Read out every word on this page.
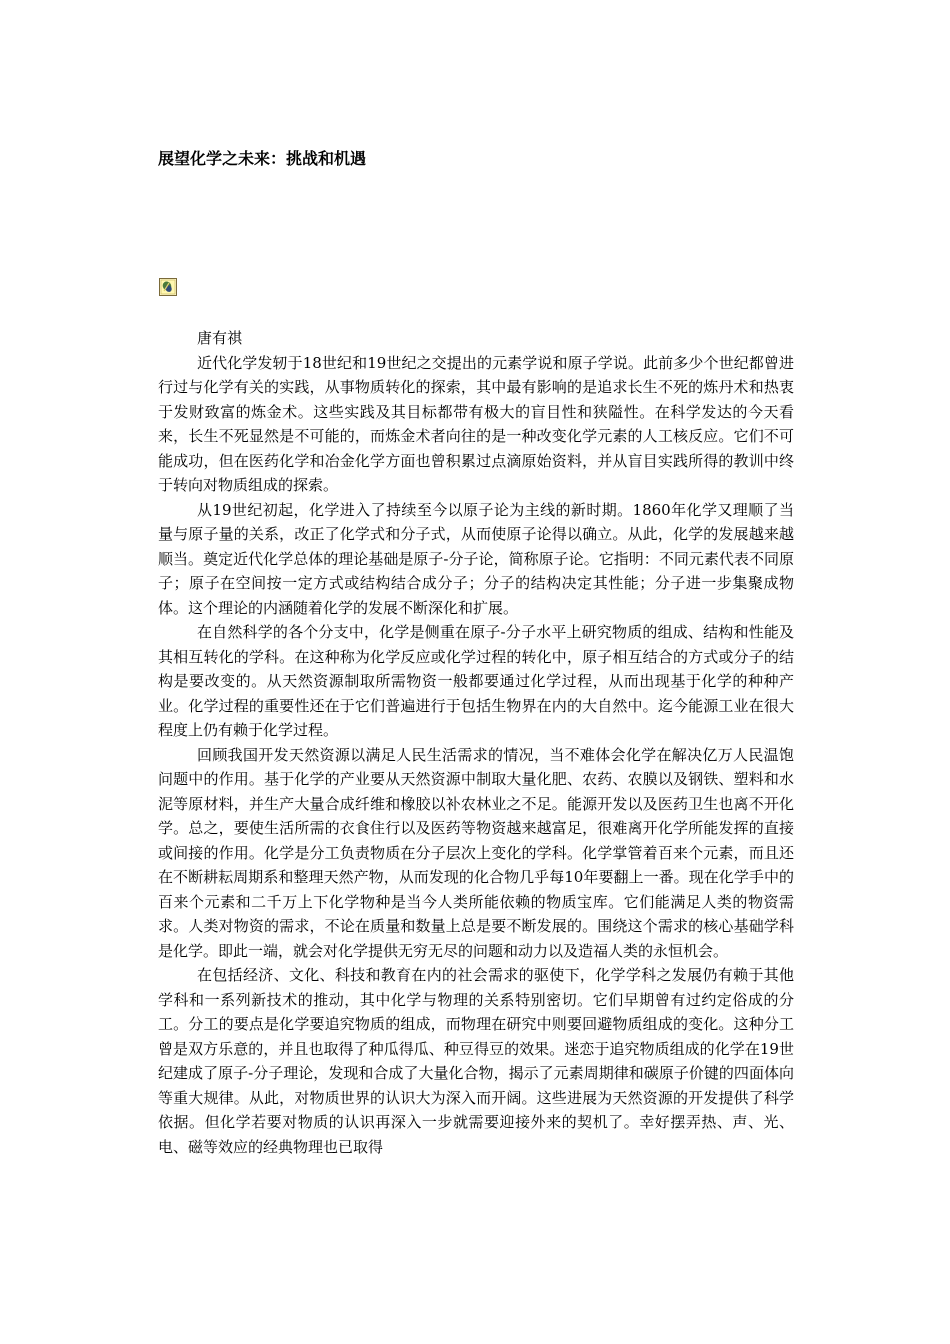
展望化学之未来：挑战和机遇

唐有祺

近代化学发轫于18世纪和19世纪之交提出的元素学说和原子学说。此前多少个世纪都曾进行过与化学有关的实践，从事物质转化的探索，其中最有影响的是追求长生不死的炼丹术和热衷于发财致富的炼金术。这些实践及其目标都带有极大的盲目性和狭隘性。在科学发达的今天看来，长生不死显然是不可能的，而炼金术者向往的是一种改变化学元素的人工核反应。它们不可能成功，但在医药化学和冶金化学方面也曾积累过点滴原始资料，并从盲目实践所得的教训中终于转向对物质组成的探索。

从19世纪初起，化学进入了持续至今以原子论为主线的新时期。1860年化学又理顺了当量与原子量的关系，改正了化学式和分子式，从而使原子论得以确立。从此，化学的发展越来越顺当。奠定近代化学总体的理论基础是原子-分子论，简称原子论。它指明：不同元素代表不同原子；原子在空间按一定方式或结构结合成分子；分子的结构决定其性能；分子进一步集聚成物体。这个理论的内涵随着化学的发展不断深化和扩展。

在自然科学的各个分支中，化学是侧重在原子-分子水平上研究物质的组成、结构和性能及其相互转化的学科。在这种称为化学反应或化学过程的转化中，原子相互结合的方式或分子的结构是要改变的。从天然资源制取所需物资一般都要通过化学过程，从而出现基于化学的种种产业。化学过程的重要性还在于它们普遍进行于包括生物界在内的大自然中。迄今能源工业在很大程度上仍有赖于化学过程。

回顾我国开发天然资源以满足人民生活需求的情况，当不难体会化学在解决亿万人民温饱问题中的作用。基于化学的产业要从天然资源中制取大量化肥、农药、农膜以及钢铁、塑料和水泥等原材料，并生产大量合成纤维和橡胶以补农林业之不足。能源开发以及医药卫生也离不开化学。总之，要使生活所需的衣食住行以及医药等物资越来越富足，很难离开化学所能发挥的直接或间接的作用。化学是分工负责物质在分子层次上变化的学科。化学掌管着百来个元素，而且还在不断耕耘周期系和整理天然产物，从而发现的化合物几乎每10年要翻上一番。现在化学手中的百来个元素和二千万上下化学物种是当今人类所能依赖的物质宝库。它们能满足人类的物资需求。人类对物资的需求，不论在质量和数量上总是要不断发展的。围绕这个需求的核心基础学科是化学。即此一端，就会对化学提供无穷无尽的问题和动力以及造福人类的永恒机会。

在包括经济、文化、科技和教育在内的社会需求的驱使下，化学学科之发展仍有赖于其他学科和一系列新技术的推动，其中化学与物理的关系特别密切。它们早期曾有过约定俗成的分工。分工的要点是化学要追究物质的组成，而物理在研究中则要回避物质组成的变化。这种分工曾是双方乐意的，并且也取得了种瓜得瓜、种豆得豆的效果。迷恋于追究物质组成的化学在19世纪建成了原子-分子理论，发现和合成了大量化合物，揭示了元素周期律和碳原子价键的四面体向等重大规律。从此，对物质世界的认识大为深入而开阔。这些进展为天然资源的开发提供了科学依据。但化学若要对物质的认识再深入一步就需要迎接外来的契机了。幸好摆弄热、声、光、电、磁等效应的经典物理也已取得
